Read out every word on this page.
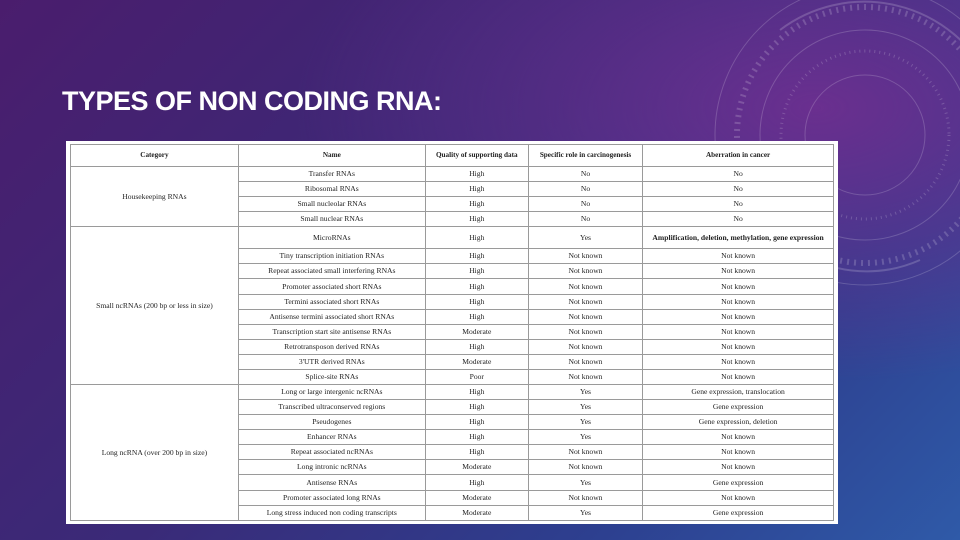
TYPES OF NON CODING RNA:
Category	Name	Quality of supporting data	Specific role in carcinogenesis	Aberration in cancer
Housekeeping RNAs	Transfer RNAs	High	No	No
	Ribosomal RNAs	High	No	No
	Small nucleolar RNAs	High	No	No
	Small nuclear RNAs	High	No	No
Small ncRNAs (200 bp or less in size)	MicroRNAs	High	Yes	Amplification, deletion, methylation, gene expression
	Tiny transcription initiation RNAs	High	Not known	Not known
	Repeat associated small interfering RNAs	High	Not known	Not known
	Promoter associated short RNAs	High	Not known	Not known
	Termini associated short RNAs	High	Not known	Not known
	Antisense termini associated short RNAs	High	Not known	Not known
	Transcription start site antisense RNAs	Moderate	Not known	Not known
	Retrotransposon derived RNAs	High	Not known	Not known
	3'UTR derived RNAs	Moderate	Not known	Not known
	Splice-site RNAs	Poor	Not known	Not known
Long ncRNA (over 200 bp in size)	Long or large intergenic ncRNAs	High	Yes	Gene expression, translocation
	Transcribed ultraconserved regions	High	Yes	Gene expression
	Pseudogenes	High	Yes	Gene expression, deletion
	Enhancer RNAs	High	Yes	Not known
	Repeat associated ncRNAs	High	Not known	Not known
	Long intronic ncRNAs	Moderate	Not known	Not known
	Antisense RNAs	High	Yes	Gene expression
	Promoter associated long RNAs	Moderate	Not known	Not known
	Long stress induced non coding transcripts	Moderate	Yes	Gene expression
